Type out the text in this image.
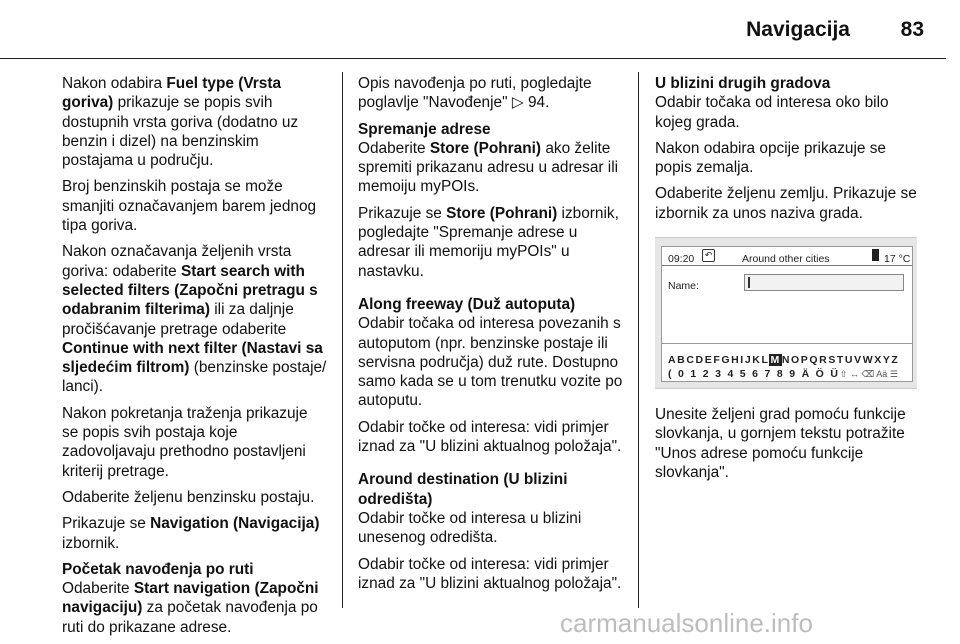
Navigacija	83

Nakon odabira Fuel type (Vrsta goriva) prikazuje se popis svih dostupnih vrsta goriva (dodatno uz benzin i dizel) na benzinskim postajama u području.

Broj benzinskih postaja se može smanjiti označavanjem barem jednog tipa goriva.

Nakon označavanja željenih vrsta goriva: odaberite Start search with selected filters (Započni pretragu s odabranim filterima) ili za daljnje pročišćavanje pretrage odaberite Continue with next filter (Nastavi sa sljedećim filtrom) (benzinske postaje/ lanci).

Nakon pokretanja traženja prikazuje se popis svih postaja koje zadovoljavaju prethodno postavljeni kriterij pretrage.

Odaberite željenu benzinsku postaju.

Prikazuje se Navigation (Navigacija) izbornik.

Početak navođenja po ruti

Odaberite Start navigation (Započni navigaciju) za početak navođenja po ruti do prikazane adrese.

Opis navođenja po ruti, pogledajte poglavlje "Navođenje" ▷ 94.

Spremanje adrese

Odaberite Store (Pohrani) ako želite spremiti prikazanu adresu u adresar ili memoiju myPOIs.

Prikazuje se Store (Pohrani) izbornik, pogledajte "Spremanje adrese u adresar ili memoriju myPOIs" u nastavku.

Along freeway (Duž autoputa)

Odabir točaka od interesa povezanih s autoputom (npr. benzinske postaje ili servisna područja) duž rute. Dostupno samo kada se u tom trenutku vozite po autoputu.

Odabir točke od interesa: vidi primjer iznad za "U blizini aktualnog položaja".

Around destination (U blizini odredišta)

Odabir točke od interesa u blizini unesenog odredišta.

Odabir točke od interesa: vidi primjer iznad za "U blizini aktualnog položaja".

U blizini drugih gradova

Odabir točaka od interesa oko bilo kojeg grada.

Nakon odabira opcije prikazuje se popis zemalja.

Odaberite željenu zemlju. Prikazuje se izbornik za unos naziva grada.

09:20	↶	Around other cities	17 °C
Name:
ABCDEFGHIJKLMNOPQRSTUVWXYZ
( 0 1 2 3 4 5 6 7 8 9 Ä Ö Ü ⇧ ↔ ⌫ Aä ☰

Unesite željeni grad pomoću funkcije slovkanja, u gornjem tekstu potražite "Unos adrese pomoću funkcije slovkanja".

carmanualsonline.info
